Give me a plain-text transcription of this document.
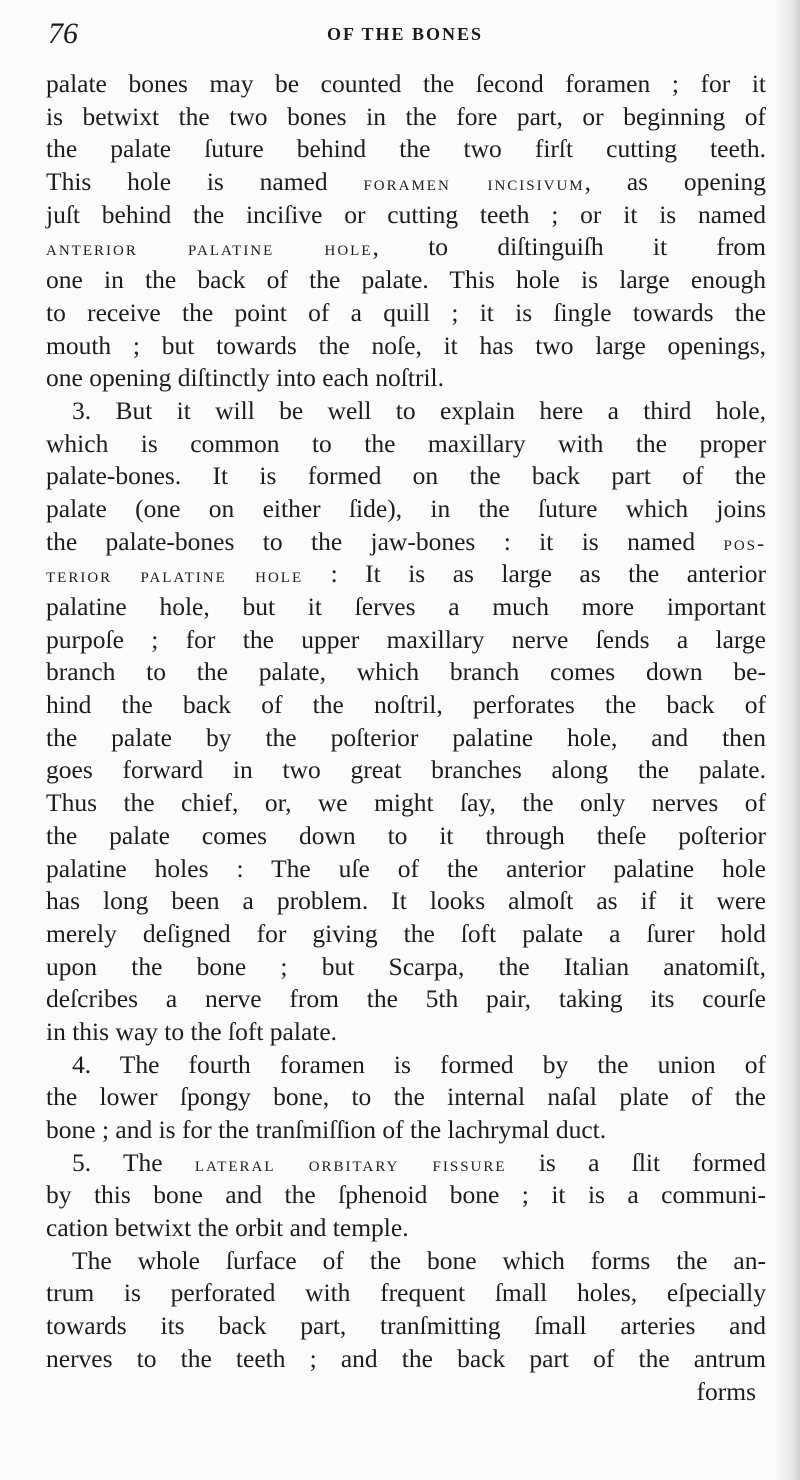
76	OF THE BONES
palate bones may be counted the ſecond foramen ; for it
is betwixt the two bones in the fore part, or beginning of
the palate ſuture behind the two firſt cutting teeth.
This hole is named foramen incisivum, as opening
juſt behind the inciſive or cutting teeth ; or it is named
anterior palatine hole, to diſtinguiſh it from
one in the back of the palate. This hole is large enough
to receive the point of a quill ; it is ſingle towards the
mouth ; but towards the noſe, it has two large openings,
one opening diſtinctly into each noſtril.
3. But it will be well to explain here a third hole,
which is common to the maxillary with the proper
palate-bones. It is formed on the back part of the
palate (one on either ſide), in the ſuture which joins
the palate-bones to the jaw-bones : it is named pos-
terior palatine hole : It is as large as the anterior
palatine hole, but it ſerves a much more important
purpoſe ; for the upper maxillary nerve ſends a large
branch to the palate, which branch comes down be-
hind the back of the noſtril, perforates the back of
the palate by the poſterior palatine hole, and then
goes forward in two great branches along the palate.
Thus the chief, or, we might ſay, the only nerves of
the palate comes down to it through theſe poſterior
palatine holes : The uſe of the anterior palatine hole
has long been a problem. It looks almoſt as if it were
merely deſigned for giving the ſoft palate a ſurer hold
upon the bone ; but Scarpa, the Italian anatomiſt,
deſcribes a nerve from the 5th pair, taking its courſe
in this way to the ſoft palate.
4. The fourth foramen is formed by the union of
the lower ſpongy bone, to the internal naſal plate of the
bone ; and is for the tranſmiſſion of the lachrymal duct.
5. The lateral orbitary fissure is a ſlit formed
by this bone and the ſphenoid bone ; it is a communi-
cation betwixt the orbit and temple.
The whole ſurface of the bone which forms the an-
trum is perforated with frequent ſmall holes, eſpecially
towards its back part, tranſmitting ſmall arteries and
nerves to the teeth ; and the back part of the antrum
forms
